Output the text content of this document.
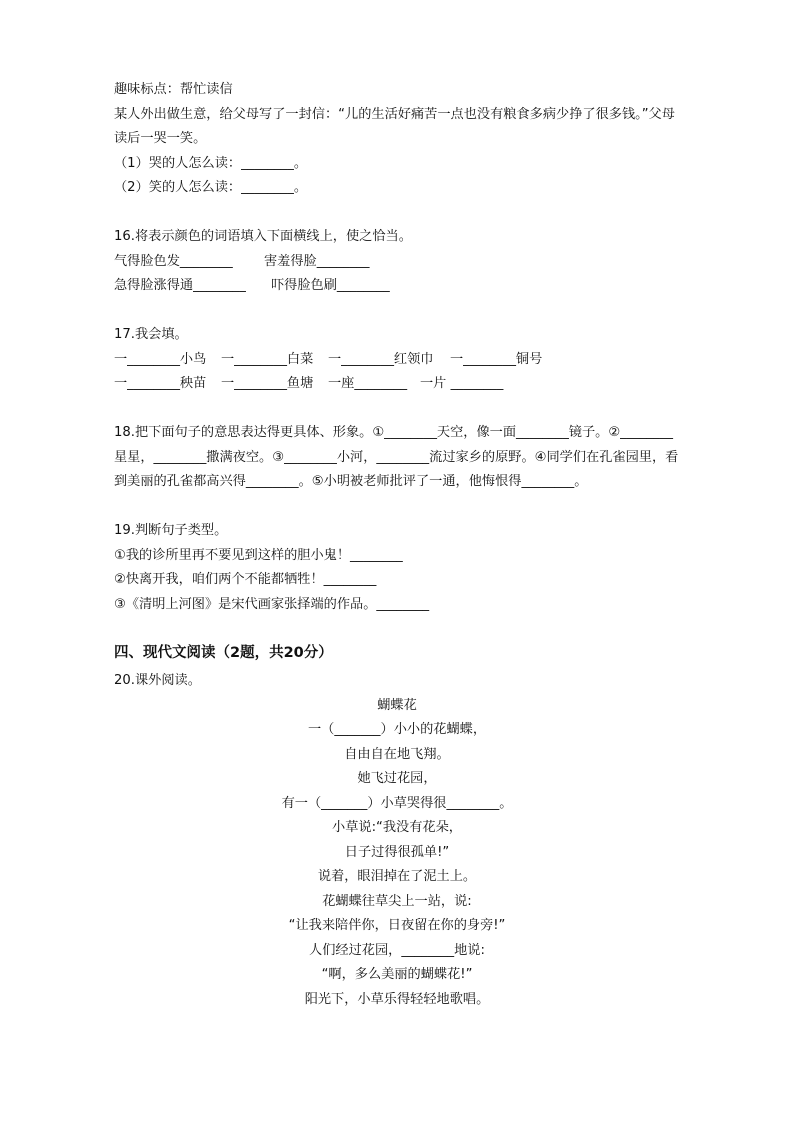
趣味标点：帮忙读信
某人外出做生意，给父母写了一封信：“儿的生活好痛苦一点也没有粮食多病少挣了很多钱。”父母
读后一哭一笑。
（1）哭的人怎么读：________。
（2）笑的人怎么读：________。
16.将表示颜色的词语填入下面横线上，使之恰当。
气得脸色发________ 害羞得脸________
急得脸涨得通________ 吓得脸色刷________
17.我会填。
一________小鸟 一________白菜 一________红领巾 一________铜号
一________秧苗 一________鱼塘 一座________ 一片 ________
18.把下面句子的意思表达得更具体、形象。①________天空，像一面________镜子。②________
星星，________撒满夜空。③________小河，________流过家乡的原野。④同学们在孔雀园里，看
到美丽的孔雀都高兴得________。⑤小明被老师批评了一通，他悔恨得________。
19.判断句子类型。
①我的诊所里再不要见到这样的胆小鬼！________
②快离开我，咱们两个不能都牺牲！________
③《清明上河图》是宋代画家张择端的作品。________
四、现代文阅读（2题，共20分）
20.课外阅读。
蝴蝶花
一（_______）小小的花蝴蝶，
自由自在地飞翔。
她飞过花园，
有一（_______）小草哭得很________。
小草说:“我没有花朵，
日子过得很孤单!”
说着，眼泪掉在了泥土上。
花蝴蝶往草尖上一站，说:
“让我来陪伴你，日夜留在你的身旁!”
人们经过花园，________地说:
“啊，多么美丽的蝴蝶花!”
阳光下，小草乐得轻轻地歌唱。
